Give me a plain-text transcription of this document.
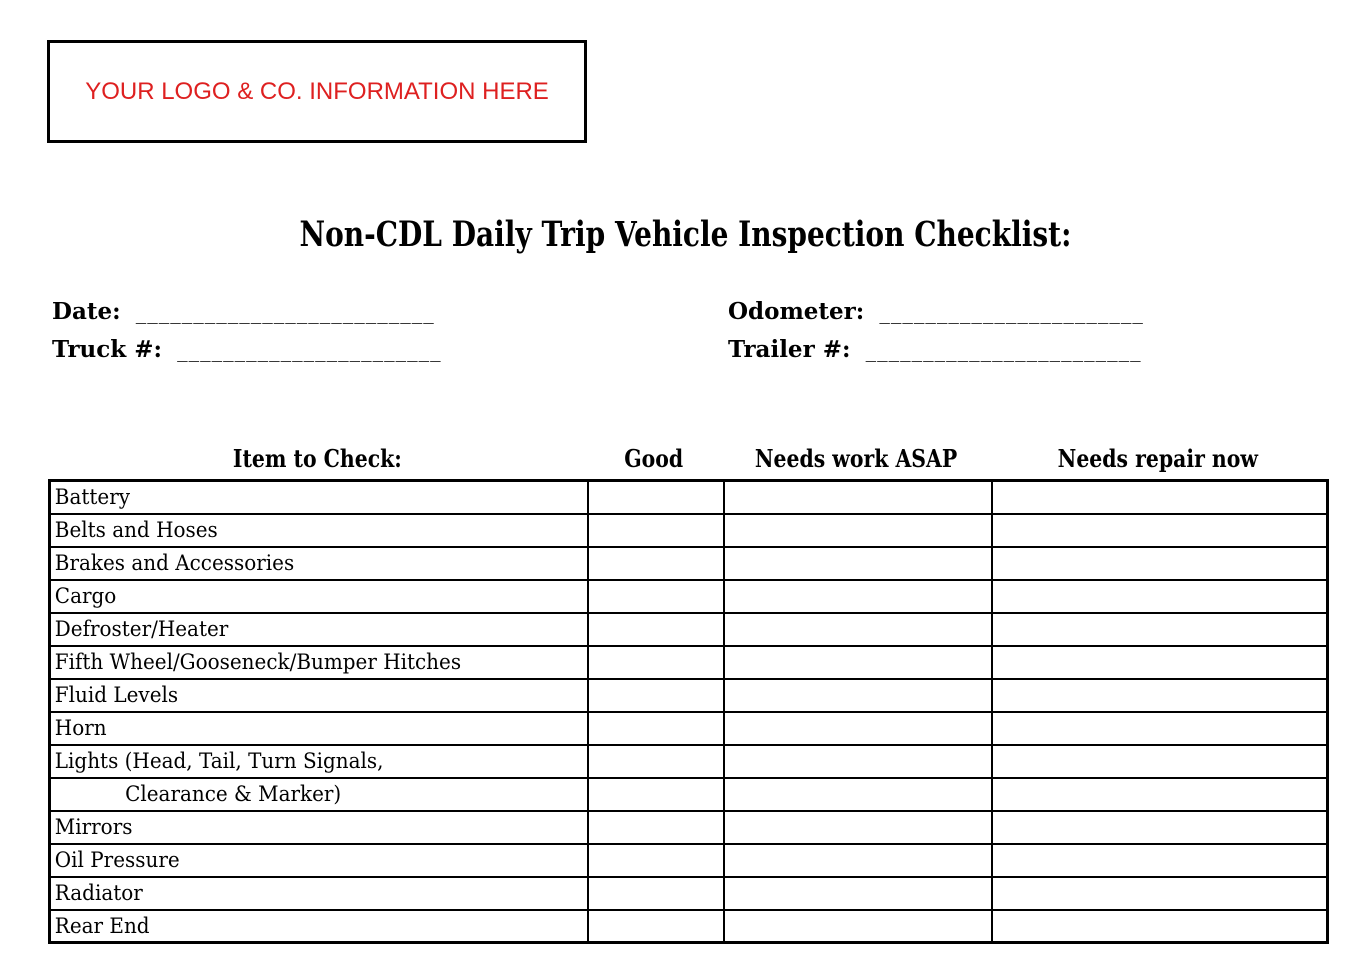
YOUR LOGO & CO. INFORMATION HERE
Non-CDL Daily Trip Vehicle Inspection Checklist:
Date: __________________________	Odometer: _______________________
Truck #: _______________________	Trailer #: ________________________
Item to Check:	Good	Needs work ASAP	Needs repair now
Battery			
Belts and Hoses			
Brakes and Accessories			
Cargo			
Defroster/Heater			
Fifth Wheel/Gooseneck/Bumper Hitches			
Fluid Levels			
Horn			
Lights (Head, Tail, Turn Signals,			
Clearance & Marker)			
Mirrors			
Oil Pressure			
Radiator			
Rear End			
